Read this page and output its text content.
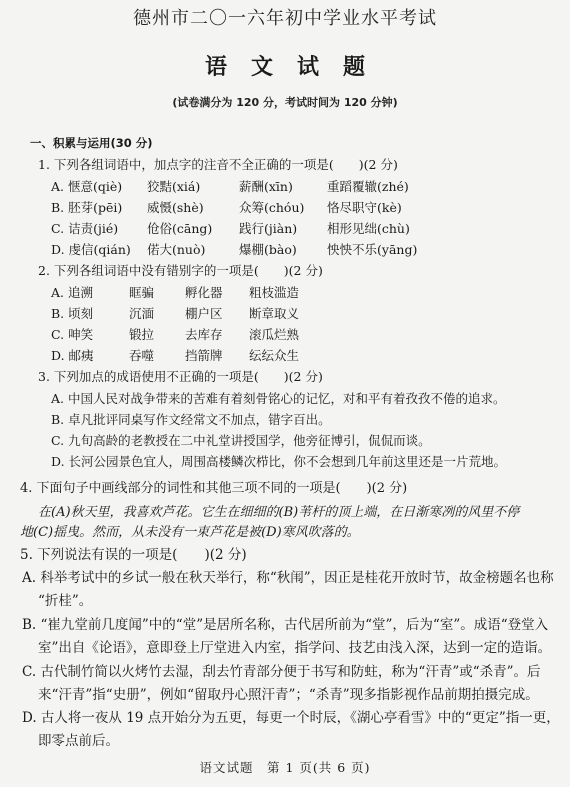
德州市二〇一六年初中学业水平考试
语文试题
(试卷满分为 120 分，考试时间为 120 分钟)
一、积累与运用(30 分)
1. 下列各组词语中，加点字的注音不全正确的一项是(　　)(2 分)
A. 惬意(qiè) 狡黠(xiá)	薪酬(xīn)	重蹈覆辙(zhé)
B. 胚芽(pēi) 威慑(shè)	众筹(chóu) 恪尽职守(kè)
C. 诘责(jié) 伧俗(cāng) 践行(jiàn) 相形见绌(chù)
D. 虔信(qián) 偌大(nuò)	爆棚(bào) 怏怏不乐(yāng)
2. 下列各组词语中没有错别字的一项是(　　)(2 分)
A. 追溯	眶骗 孵化器 粗枝滥造
B. 顷刻	沉湎 棚户区 断章取义
C. 呻笑	锻拉 去库存 滚瓜烂熟
D. 邮痍	吞噬 挡箭牌 纭纭众生
3. 下列加点的成语使用不正确的一项是(　　)(2 分)
A. 中国人民对战争带来的苦难有着刻骨铭心的记忆，对和平有着孜孜不倦的追求。
B. 卓凡批评同桌写作文经常文不加点，错字百出。
C. 九旬高龄的老教授在二中礼堂讲授国学，他旁征博引，侃侃而谈。
D. 长河公园景色宜人，周围高楼鳞次栉比，你不会想到几年前这里还是一片荒地。
4. 下面句子中画线部分的词性和其他三项不同的一项是(　　)(2 分)
在(A)秋天里，我喜欢芦花。它生在细细的(B)苇杆的顶上端，在日渐寒冽的风里不停
地(C)摇曳。然而，从未没有一束芦花是被(D)寒风吹落的。
5. 下列说法有误的一项是(　　)(2 分)
A. 科举考试中的乡试一般在秋天举行，称“秋闱”，因正是桂花开放时节，故金榜题名也称
“折桂”。
B. “崔九堂前几度闻”中的“堂”是居所名称，古代居所前为“堂”，后为“室”。成语“登堂入
室”出自《论语》，意即登上厅堂进入内室，指学问、技艺由浅入深，达到一定的造诣。
C. 古代制竹简以火烤竹去湿，刮去竹青部分便于书写和防蛀，称为“汗青”或“杀青”。后
来“汗青”指“史册”，例如“留取丹心照汗青”；“杀青”现多指影视作品前期拍摄完成。
D. 古人将一夜从 19 点开始分为五更，每更一个时辰，《湖心亭看雪》中的“更定”指一更，
即零点前后。
语文试题　第 1 页(共 6 页)
